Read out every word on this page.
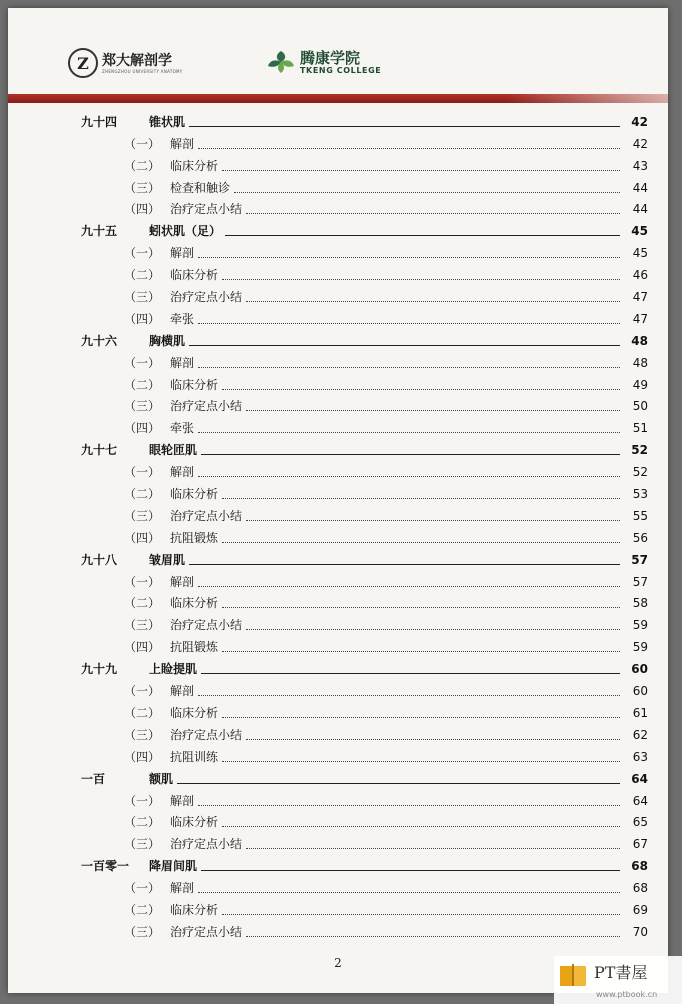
Z 郑大解剖学
ZHENGZHOU UNIVERSITY ANATOMY
腾康学院
TKENG COLLEGE
九十四	锥状肌	42
（一） 解剖	42
（二） 临床分析	43
（三） 检查和触诊	44
（四） 治疗定点小结	44
九十五	蚓状肌（足）	45
（一） 解剖	45
（二） 临床分析	46
（三） 治疗定点小结	47
（四） 牵张	47
九十六	胸横肌	48
（一） 解剖	48
（二） 临床分析	49
（三） 治疗定点小结	50
（四） 牵张	51
九十七	眼轮匝肌	52
（一） 解剖	52
（二） 临床分析	53
（三） 治疗定点小结	55
（四） 抗阻锻炼	56
九十八	皱眉肌	57
（一） 解剖	57
（二） 临床分析	58
（三） 治疗定点小结	59
（四） 抗阻锻炼	59
九十九	上睑提肌	60
（一） 解剖	60
（二） 临床分析	61
（三） 治疗定点小结	62
（四） 抗阻训练	63
一百	额肌	64
（一） 解剖	64
（二） 临床分析	65
（三） 治疗定点小结	67
一百零一 降眉间肌	68
（一） 解剖	68
（二） 临床分析	69
（三） 治疗定点小结	70
2	PT書屋
www.ptbook.cn
